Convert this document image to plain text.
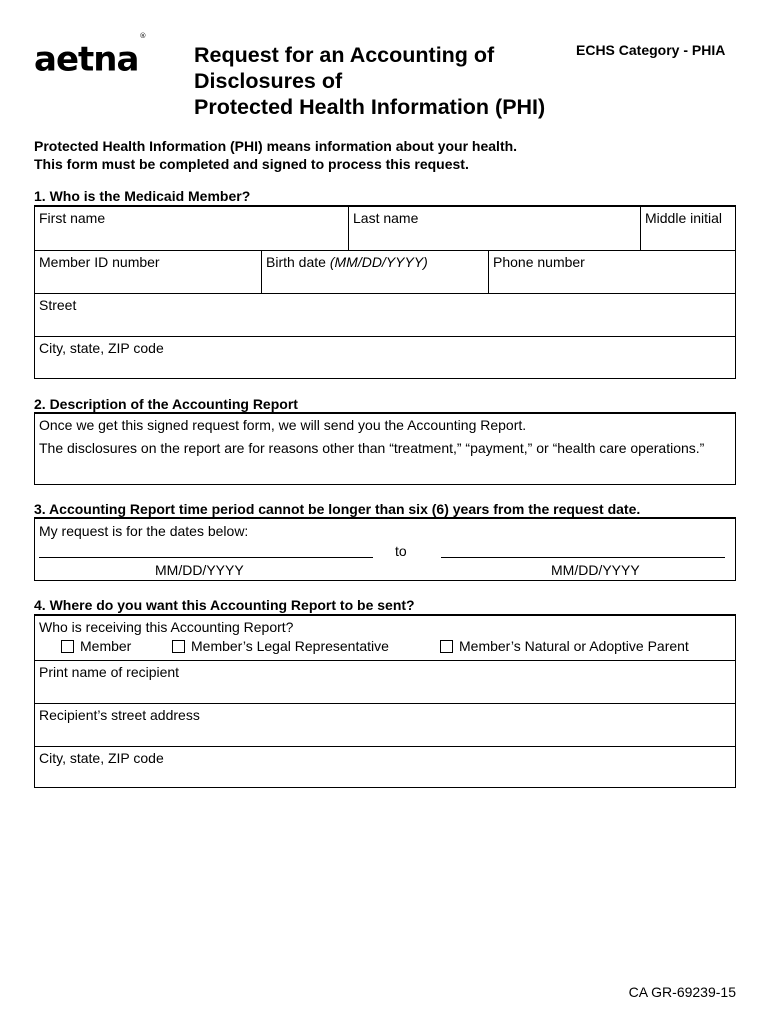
aetna®
Request for an Accounting of
Disclosures of
Protected Health Information (PHI)
ECHS Category - PHIA
Protected Health Information (PHI) means information about your health.
This form must be completed and signed to process this request.
1. Who is the Medicaid Member?
First name	Last name	Middle initial
Member ID number	Birth date (MM/DD/YYYY)	Phone number
Street
City, state, ZIP code
2. Description of the Accounting Report
Once we get this signed request form, we will send you the Accounting Report.
The disclosures on the report are for reasons other than “treatment,” “payment,” or “health care operations.”
3. Accounting Report time period cannot be longer than six (6) years from the request date.
My request is for the dates below:
to
MM/DD/YYYY	MM/DD/YYYY
4. Where do you want this Accounting Report to be sent?
Who is receiving this Accounting Report?
Member	Member’s Legal Representative	Member’s Natural or Adoptive Parent
Print name of recipient
Recipient’s street address
City, state, ZIP code
CA GR-69239-15
